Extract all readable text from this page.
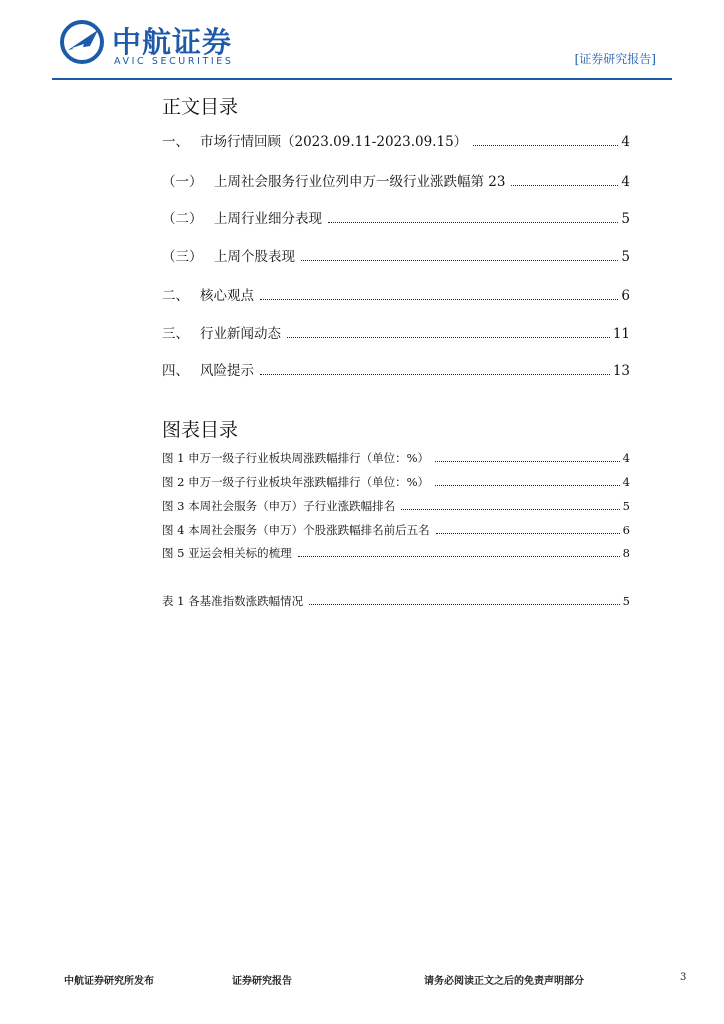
AVIC 中航证券
AVIC SECURITIES	[证券研究报告]
正文目录
一、 市场行情回顾（2023.09.11-2023.09.15）	4
（一） 上周社会服务行业位列申万一级行业涨跌幅第 23	4
（二） 上周行业细分表现	5
（三） 上周个股表现	5
二、 核心观点	6
三、 行业新闻动态	11
四、 风险提示	13
图表目录
图 1 申万一级子行业板块周涨跌幅排行（单位：%）	4
图 2 申万一级子行业板块年涨跌幅排行（单位：%）	4
图 3 本周社会服务（申万）子行业涨跌幅排名	5
图 4 本周社会服务（申万）个股涨跌幅排名前后五名	6
图 5 亚运会相关标的梳理	8
表 1 各基准指数涨跌幅情况	5
中航证券研究所发布	证券研究报告	请务必阅读正文之后的免责声明部分	3
